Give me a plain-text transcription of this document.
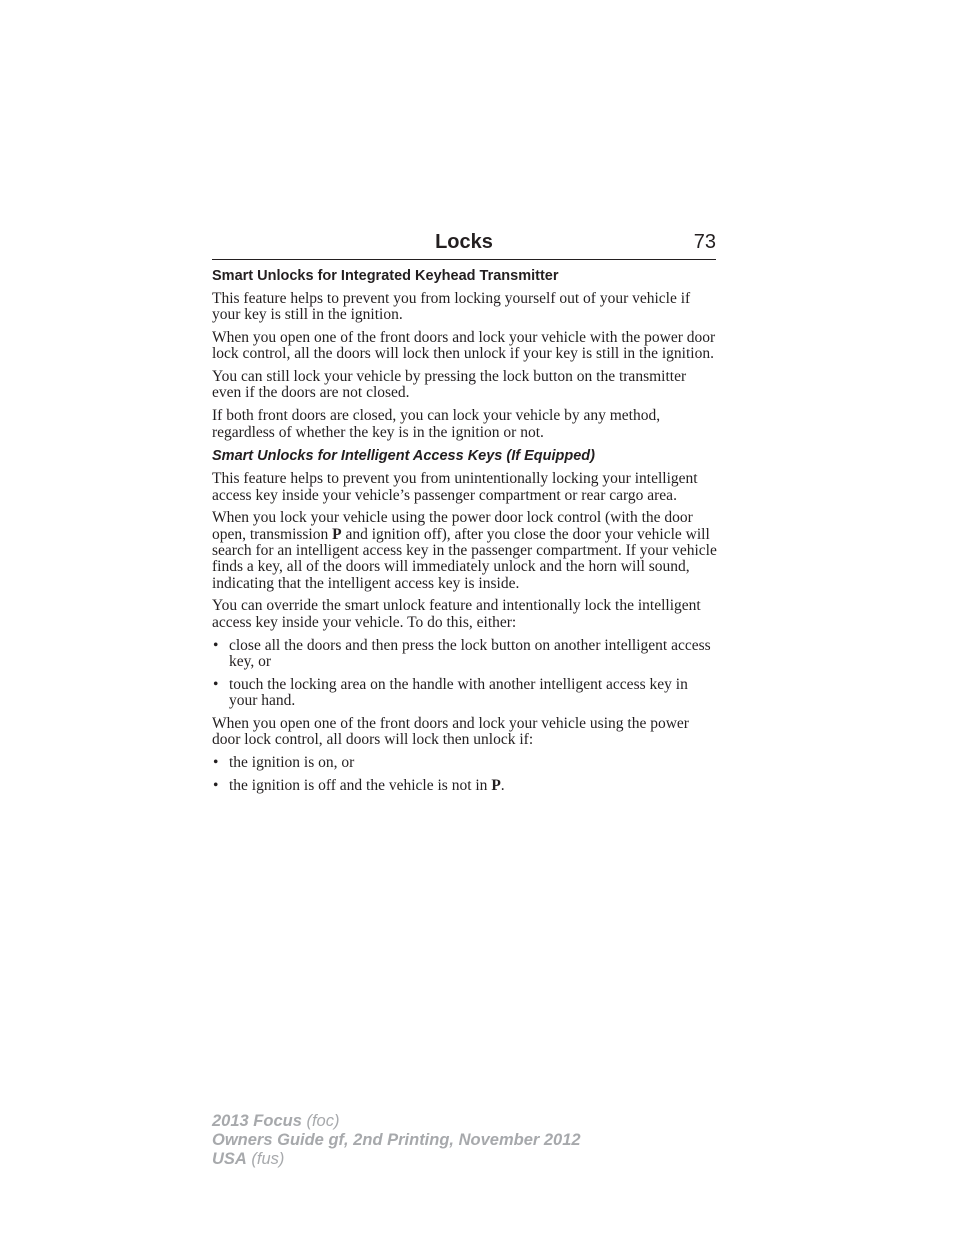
Locks	73
Smart Unlocks for Integrated Keyhead Transmitter

This feature helps to prevent you from locking yourself out of your vehicle if your key is still in the ignition.

When you open one of the front doors and lock your vehicle with the power door lock control, all the doors will lock then unlock if your key is still in the ignition.

You can still lock your vehicle by pressing the lock button on the transmitter even if the doors are not closed.

If both front doors are closed, you can lock your vehicle by any method, regardless of whether the key is in the ignition or not.

Smart Unlocks for Intelligent Access Keys (If Equipped)

This feature helps to prevent you from unintentionally locking your intelligent access key inside your vehicle’s passenger compartment or rear cargo area.

When you lock your vehicle using the power door lock control (with the door open, transmission P and ignition off), after you close the door your vehicle will search for an intelligent access key in the passenger compartment. If your vehicle finds a key, all of the doors will immediately unlock and the horn will sound, indicating that the intelligent access key is inside.

You can override the smart unlock feature and intentionally lock the intelligent access key inside your vehicle. To do this, either:

• close all the doors and then press the lock button on another intelligent access key, or
• touch the locking area on the handle with another intelligent access key in your hand.

When you open one of the front doors and lock your vehicle using the power door lock control, all doors will lock then unlock if:

• the ignition is on, or
• the ignition is off and the vehicle is not in P.
2013 Focus (foc)
Owners Guide gf, 2nd Printing, November 2012
USA (fus)
